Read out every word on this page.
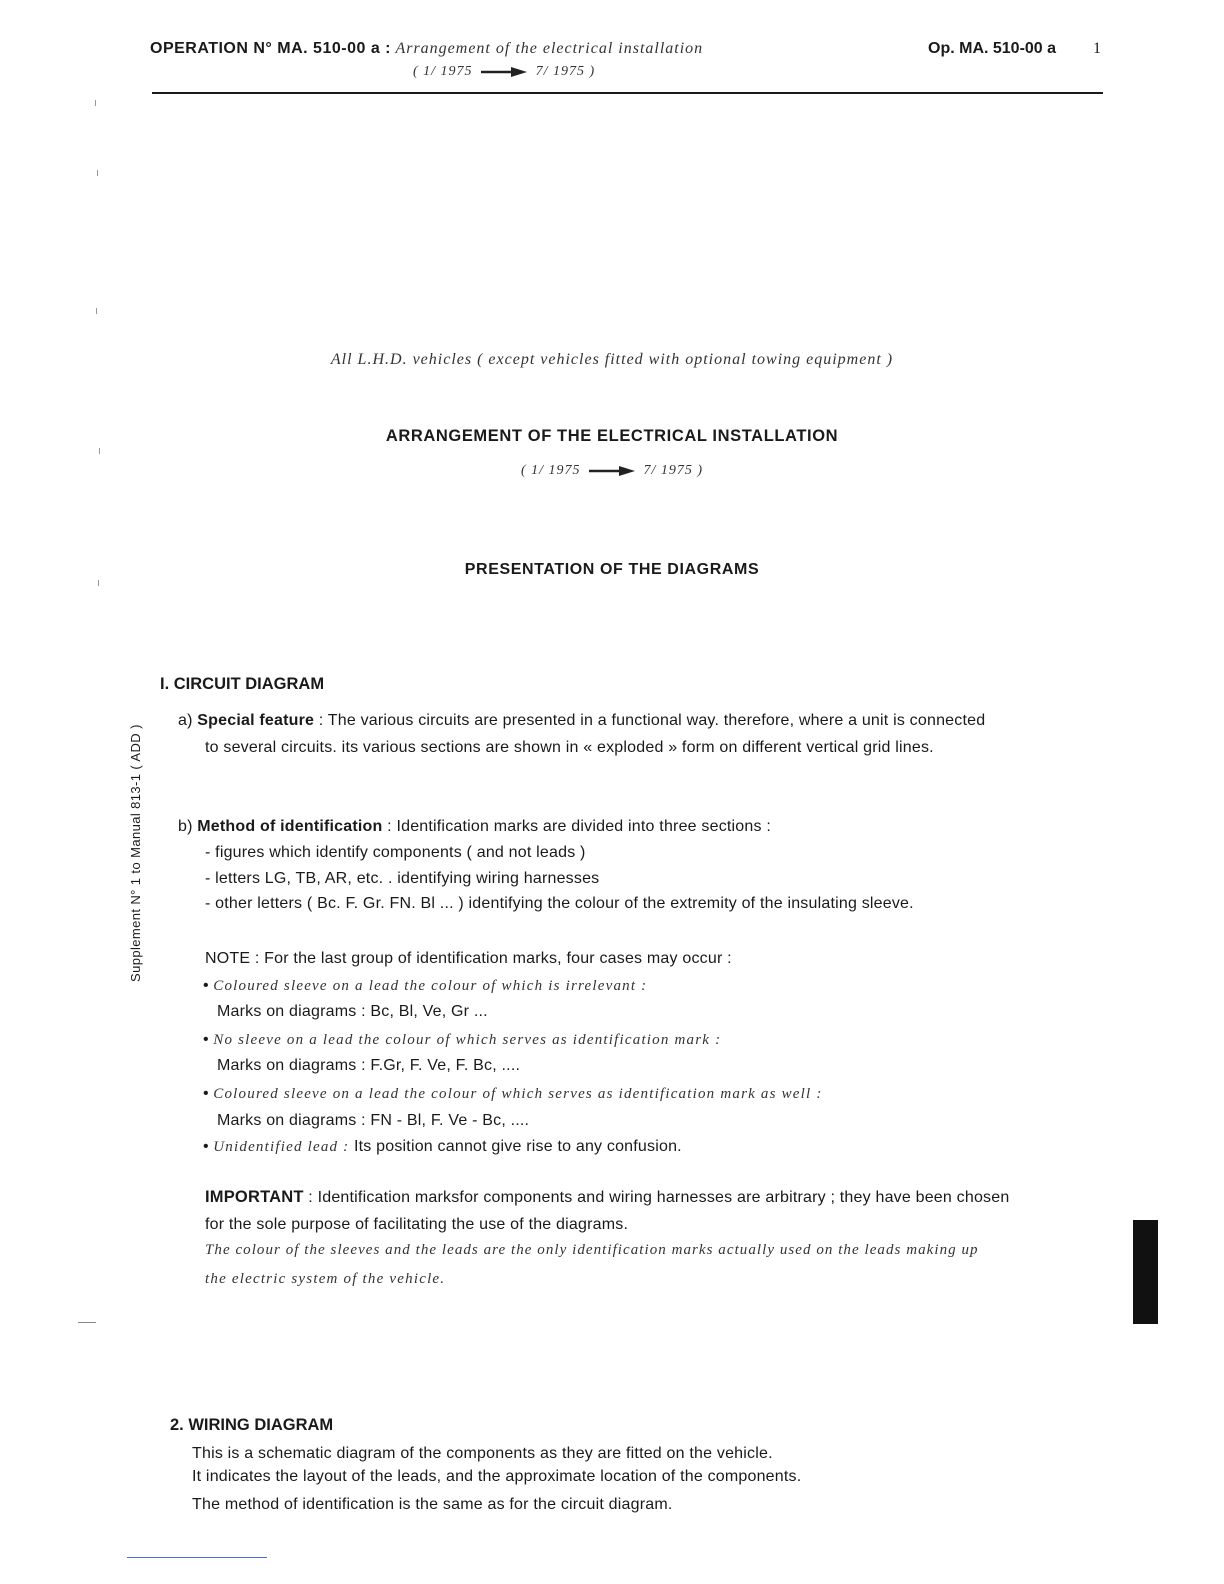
OPERATION N° MA. 510-00 a : Arrangement of the electrical installation
( 1/ 1975	7/ 1975 )
Op. MA. 510-00 a 1
All L.H.D. vehicles ( except vehicles fitted with optional towing equipment )
ARRANGEMENT OF THE ELECTRICAL INSTALLATION
( 1/ 1975	7/ 1975 )
PRESENTATION OF THE DIAGRAMS
Supplement N° 1 to Manual 813-1 ( ADD )
I. CIRCUIT DIAGRAM
a) Special feature : The various circuits are presented in a functional way. therefore, where a unit is connected
to several circuits. its various sections are shown in « exploded » form on different vertical grid lines.
b) Method of identification : Identification marks are divided into three sections :
- figures which identify components ( and not leads )
- letters LG, TB, AR, etc. . identifying wiring harnesses
- other letters ( Bc. F. Gr. FN. Bl ... ) identifying the colour of the extremity of the insulating sleeve.
NOTE : For the last group of identification marks, four cases may occur :
• Coloured sleeve on a lead the colour of which is irrelevant :
Marks on diagrams : Bc, Bl, Ve, Gr ...
• No sleeve on a lead the colour of which serves as identification mark :
Marks on diagrams : F.Gr, F. Ve, F. Bc, ....
• Coloured sleeve on a lead the colour of which serves as identification mark as well :
Marks on diagrams : FN - Bl, F. Ve - Bc, ....
• Unidentified lead : Its position cannot give rise to any confusion.
IMPORTANT : Identification marksfor components and wiring harnesses are arbitrary ; they have been chosen
for the sole purpose of facilitating the use of the diagrams.
The colour of the sleeves and the leads are the only identification marks actually used on the leads making up
the electric system of the vehicle.
2. WIRING DIAGRAM
This is a schematic diagram of the components as they are fitted on the vehicle.
It indicates the layout of the leads, and the approximate location of the components.
The method of identification is the same as for the circuit diagram.
